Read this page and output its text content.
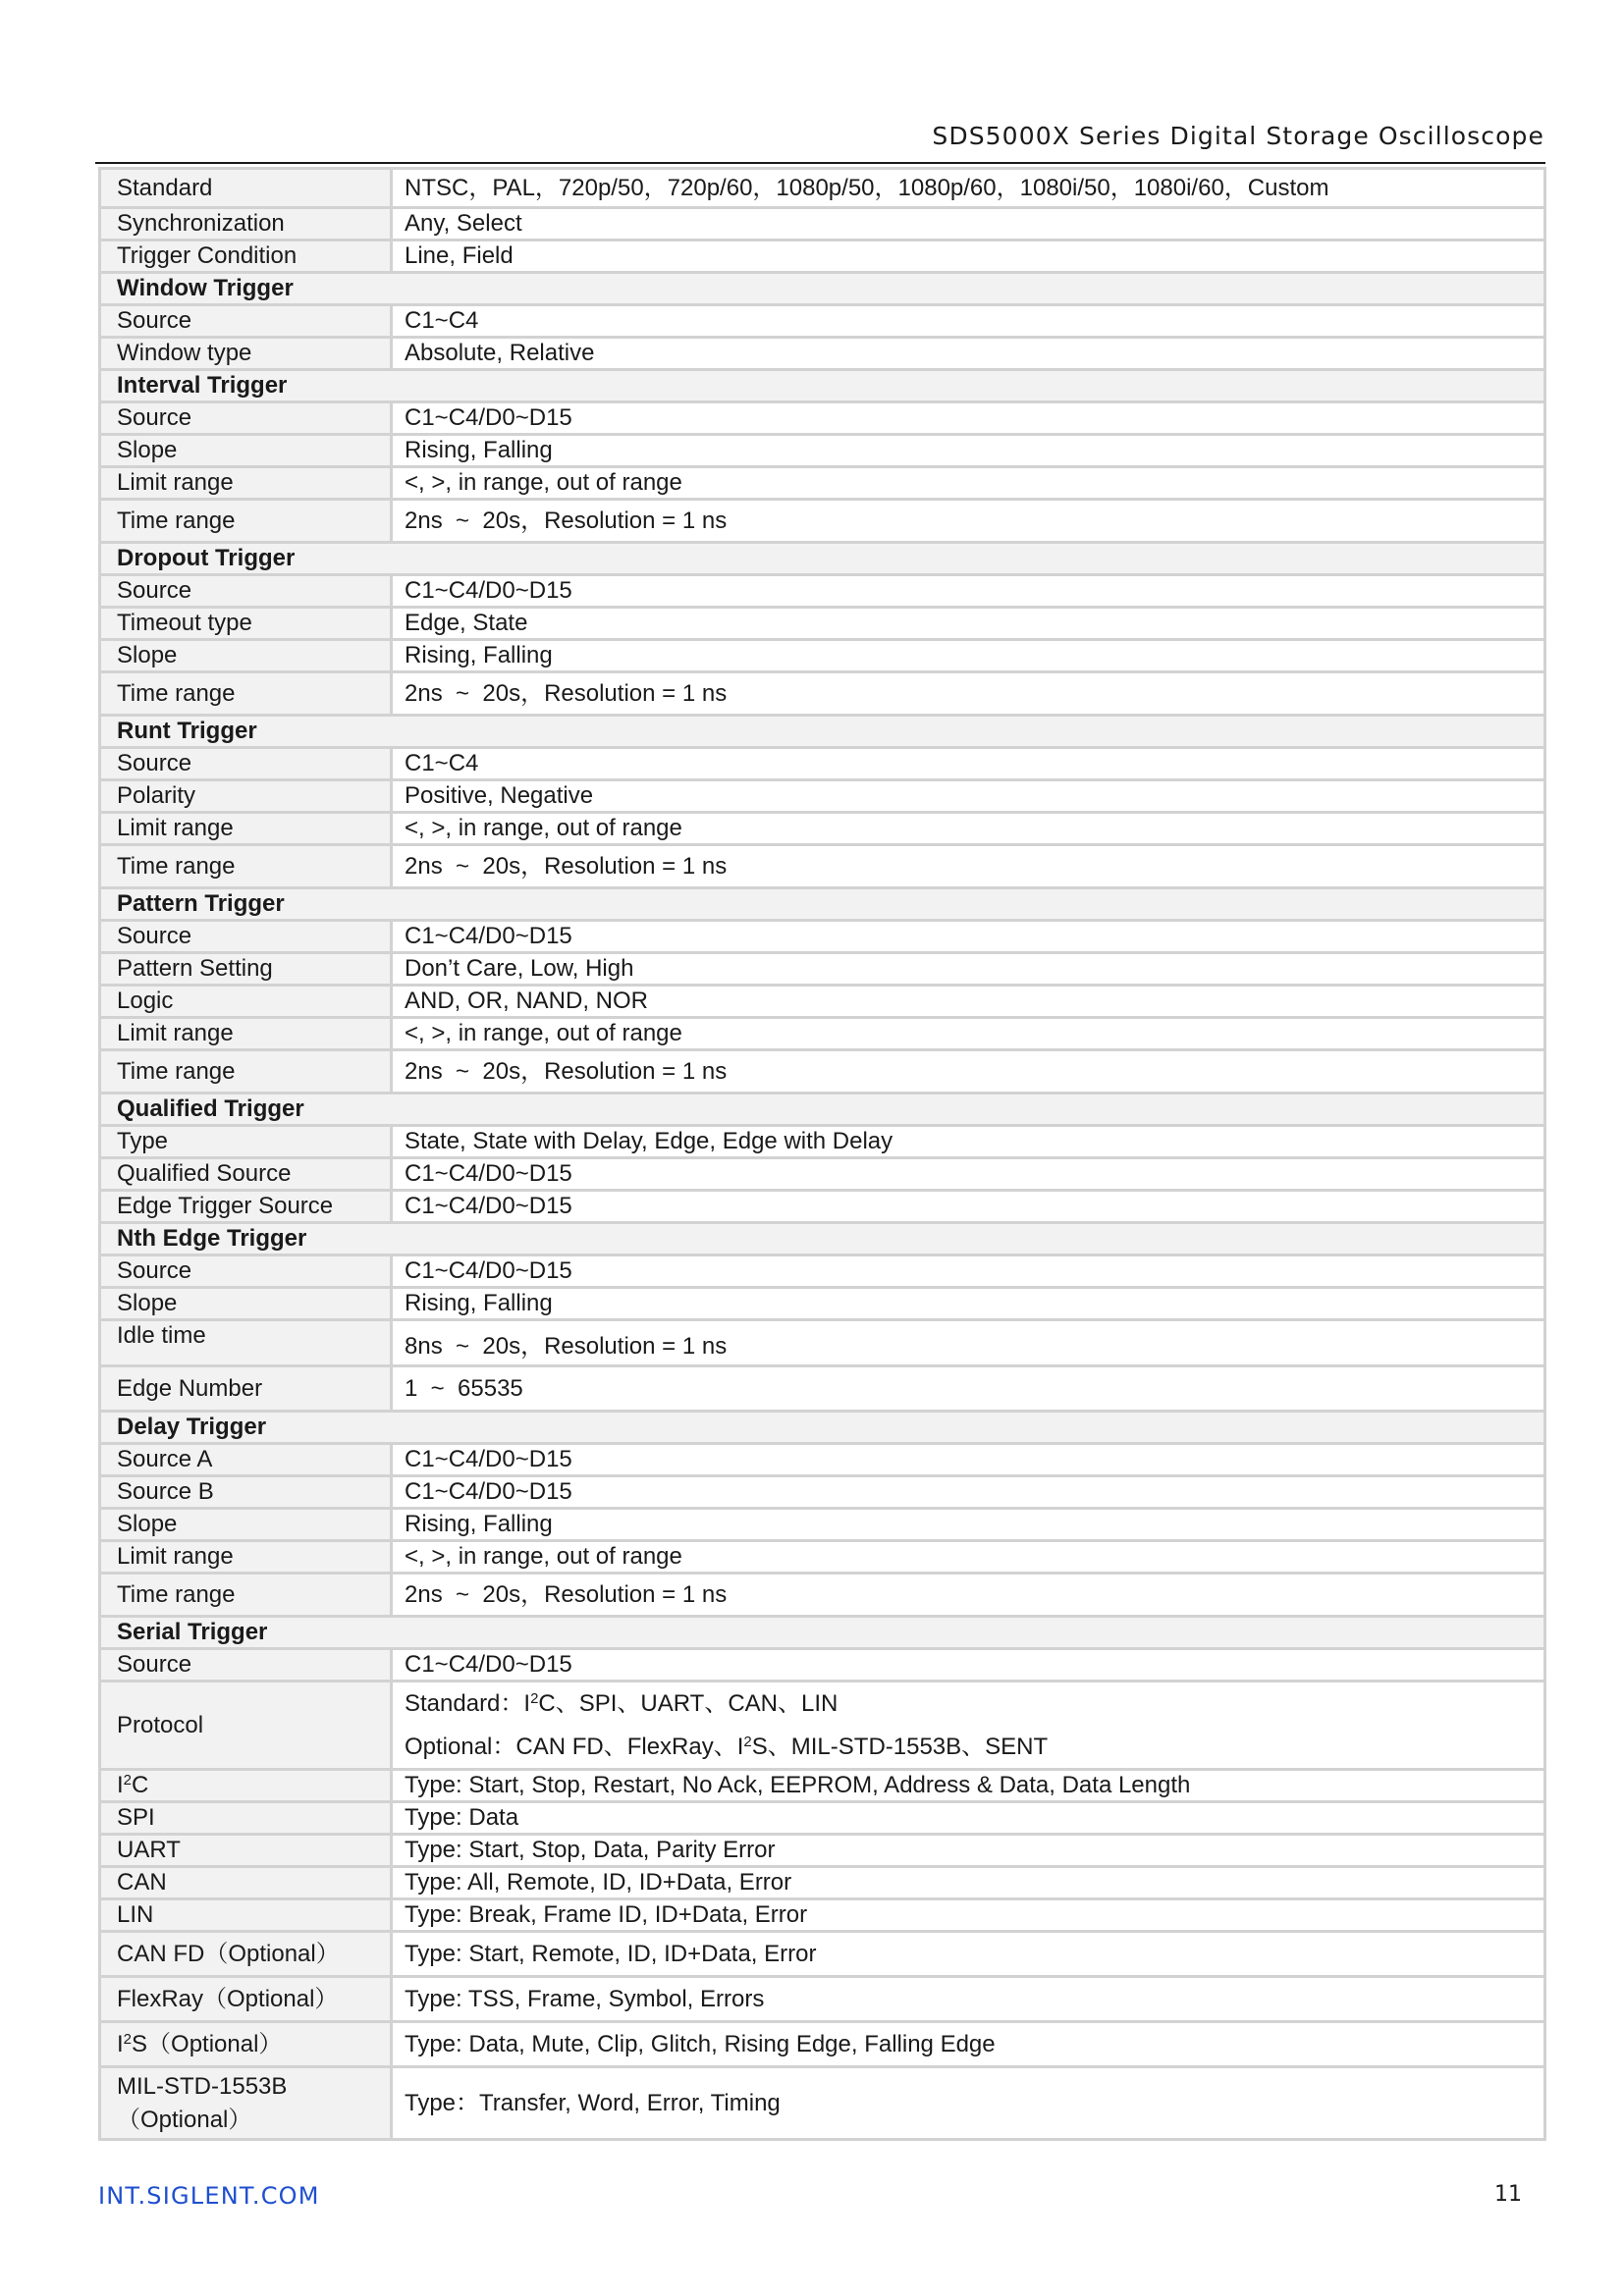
SDS5000X Series Digital Storage Oscilloscope
Standard	NTSC，PAL，720p/50，720p/60，1080p/50，1080p/60，1080i/50，1080i/60，Custom
Synchronization	Any, Select
Trigger Condition	Line, Field
Window Trigger	
Source	C1~C4
Window type	Absolute, Relative
Interval Trigger	
Source	C1~C4/D0~D15
Slope	Rising, Falling
Limit range	<, >, in range, out of range
Time range	2ns  ~  20s，Resolution = 1 ns
Dropout Trigger	
Source	C1~C4/D0~D15
Timeout type	Edge, State
Slope	Rising, Falling
Time range	2ns  ~  20s，Resolution = 1 ns
Runt Trigger	
Source	C1~C4
Polarity	Positive, Negative
Limit range	<, >, in range, out of range
Time range	2ns  ~  20s，Resolution = 1 ns
Pattern Trigger	
Source	C1~C4/D0~D15
Pattern Setting	Don’t Care, Low, High
Logic	AND, OR, NAND, NOR
Limit range	<, >, in range, out of range
Time range	2ns  ~  20s，Resolution = 1 ns
Qualified Trigger	
Type	State, State with Delay, Edge, Edge with Delay
Qualified Source	C1~C4/D0~D15
Edge Trigger Source	C1~C4/D0~D15
Nth Edge Trigger	
Source	C1~C4/D0~D15
Slope	Rising, Falling
Idle time	8ns  ~  20s，Resolution = 1 ns
Edge Number	1  ~  65535
Delay Trigger	
Source A	C1~C4/D0~D15
Source B	C1~C4/D0~D15
Slope	Rising, Falling
Limit range	<, >, in range, out of range
Time range	2ns  ~  20s，Resolution = 1 ns
Serial Trigger	
Source	C1~C4/D0~D15
Protocol	Standard：$I^2C$、SPI、UART、CAN、LIN
Optional：CAN FD、FlexRay、$I^2S$、MIL-STD-1553B、SENT

$I^2C$	Type: Start, Stop, Restart, No Ack, EEPROM, Address & Data, Data Length
SPI	Type: Data
UART	Type: Start, Stop, Data, Parity Error
CAN	Type: All, Remote, ID, ID+Data, Error
LIN	Type: Break, Frame ID, ID+Data, Error
CAN FD（Optional）	Type: Start, Remote, ID, ID+Data, Error
FlexRay（Optional）	Type: TSS, Frame, Symbol, Errors
$I^2S(Optional)$	Type: Data, Mute, Clip, Glitch, Rising Edge, Falling Edge

MIL-STD-1553B
（Optional）	Type：Transfer, Word, Error, Timing
INT.SIGLENT.COM	11
